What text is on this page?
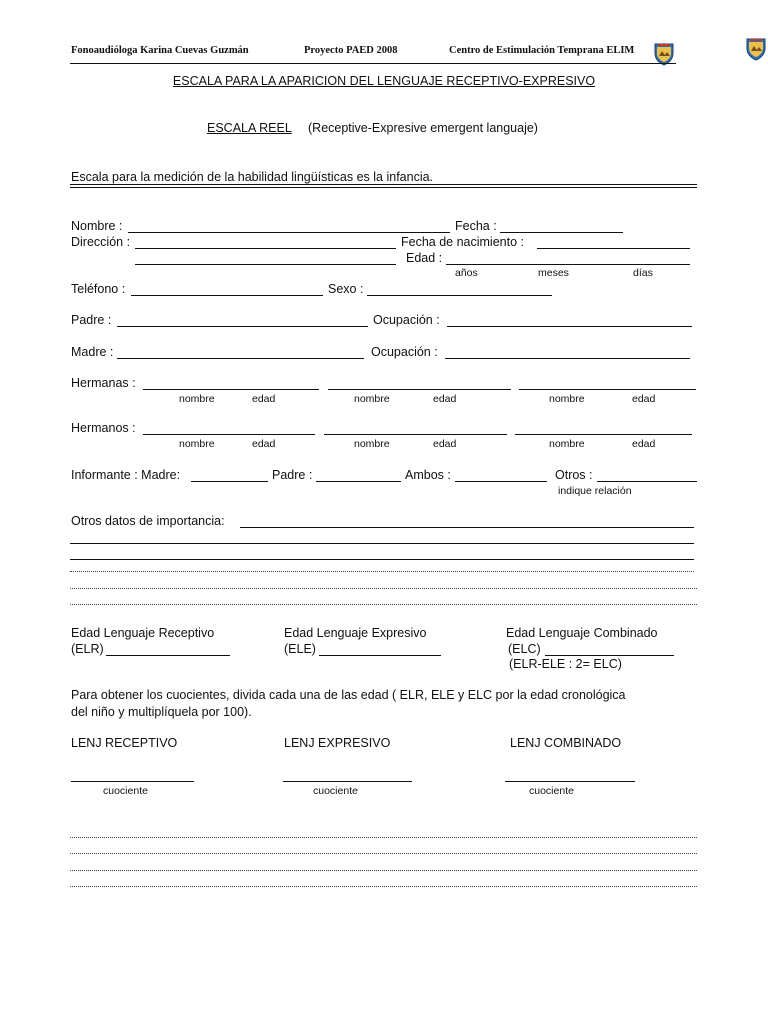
Fonoaudióloga Karina Cuevas Guzmán	Proyecto PAED 2008	Centro de Estimulación Temprana ELIM
ESCALA PARA LA APARICION DEL LENGUAJE RECEPTIVO-EXPRESIVO
ESCALA REEL (Receptive-Expresive emergent languaje)
Escala para la medición de la habilidad lingüísticas es la infancia.
Nombre :	Fecha :
Dirección :	Fecha de nacimiento :
Edad :
años	meses	días
Teléfono :	Sexo :
Padre :	Ocupación :
Madre :	Ocupación :
Hermanas :
nombre	edad	nombre	edad	nombre	edad
Hermanos :
nombre	edad	nombre	edad	nombre	edad
Informante : Madre:	Padre :	Ambos :	Otros :
indique relación
Otros datos de importancia:
Edad Lenguaje Receptivo
(ELR)
Edad Lenguaje Expresivo
(ELE)
Edad Lenguaje Combinado
(ELC)
(ELR-ELE : 2= ELC)
Para obtener los cuocientes, divida cada una de las edad ( ELR, ELE y ELC por la edad cronológica
del niño y multiplíquela por 100).
LENJ RECEPTIVO	LENJ EXPRESIVO	LENJ COMBINADO
cuociente	cuociente	cuociente
